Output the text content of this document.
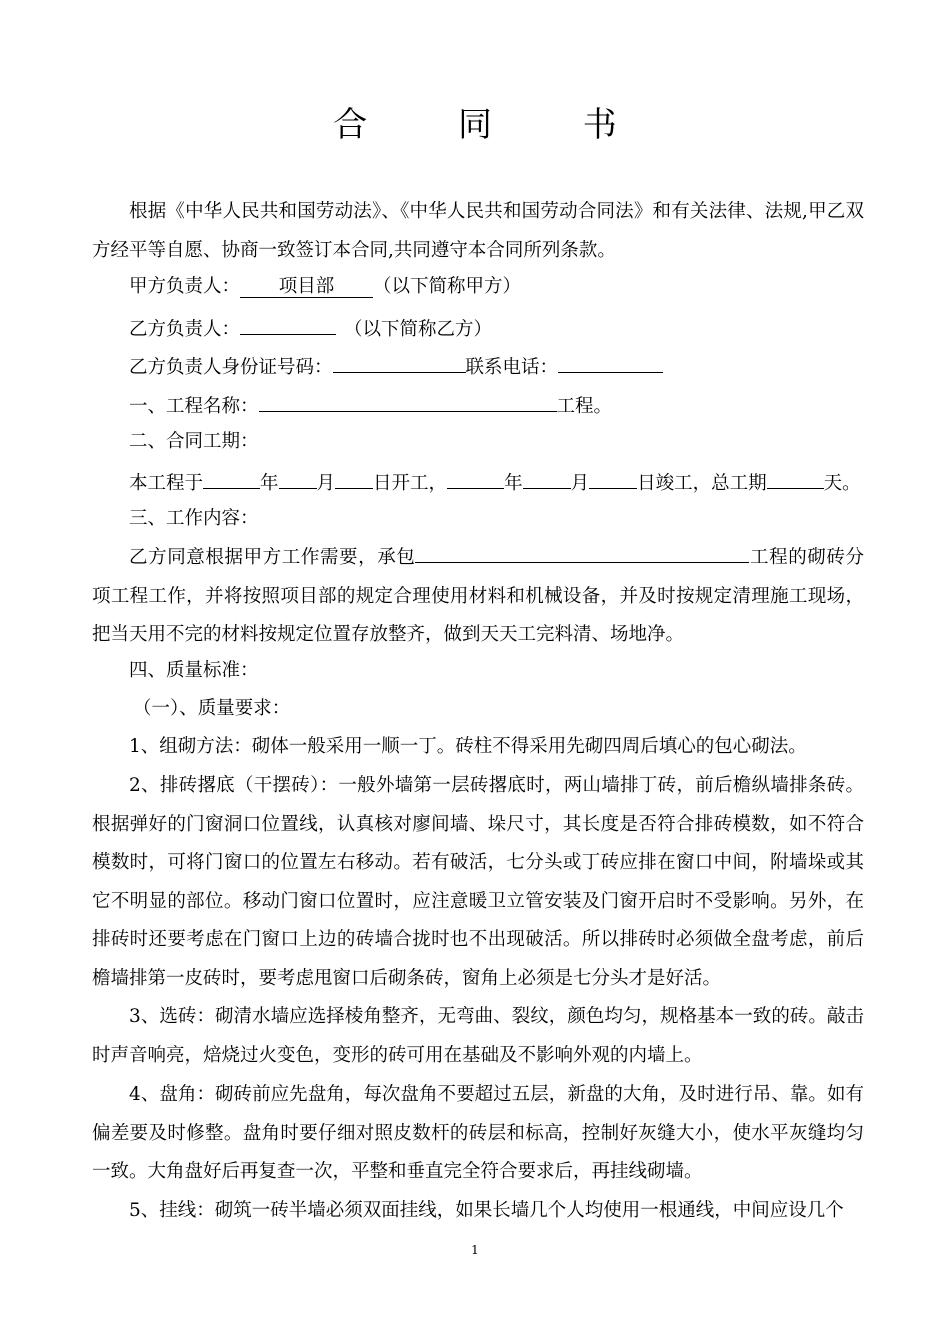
合 同 书

根据《中华人民共和国劳动法》、《中华人民共和国劳动合同法》和有关法律、法规,甲乙双方经平等自愿、协商一致签订本合同,共同遵守本合同所列条款。

甲方负责人： 项目部 （以下简称甲方）
乙方负责人：	（以下简称乙方）
乙方负责人身份证号码：	联系电话：
一、工程名称：	工程。
二、合同工期：
本工程于	年 月 日开工，	年	月	日竣工，总工期	天。
三、工作内容：
乙方同意根据甲方工作需要，承包	工程的砌砖分项工程工作，并将按照项目部的规定合理使用材料和机械设备，并及时按规定清理施工现场，把当天用不完的材料按规定位置存放整齐，做到天天工完料清、场地净。
四、质量标准：
（一）、质量要求：

1、组砌方法：砌体一般采用一顺一丁。砖柱不得采用先砌四周后填心的包心砌法。

2、排砖撂底（干摆砖）：一般外墙第一层砖撂底时，两山墙排丁砖，前后檐纵墙排条砖。根据弹好的门窗洞口位置线，认真核对廖间墙、垛尺寸，其长度是否符合排砖模数，如不符合模数时，可将门窗口的位置左右移动。若有破活，七分头或丁砖应排在窗口中间，附墙垛或其它不明显的部位。移动门窗口位置时，应注意暖卫立管安装及门窗开启时不受影响。另外，在排砖时还要考虑在门窗口上边的砖墙合拢时也不出现破活。所以排砖时必须做全盘考虑，前后檐墙排第一皮砖时，要考虑甩窗口后砌条砖，窗角上必须是七分头才是好活。

3、选砖：砌清水墙应选择棱角整齐，无弯曲、裂纹，颜色均匀，规格基本一致的砖。敲击时声音响亮，焙烧过火变色，变形的砖可用在基础及不影响外观的内墙上。

4、盘角：砌砖前应先盘角，每次盘角不要超过五层，新盘的大角，及时进行吊、靠。如有偏差要及时修整。盘角时要仔细对照皮数杆的砖层和标高，控制好灰缝大小，使水平灰缝均匀一致。大角盘好后再复查一次，平整和垂直完全符合要求后，再挂线砌墙。

5、挂线：砌筑一砖半墙必须双面挂线，如果长墙几个人均使用一根通线，中间应设几个

1
